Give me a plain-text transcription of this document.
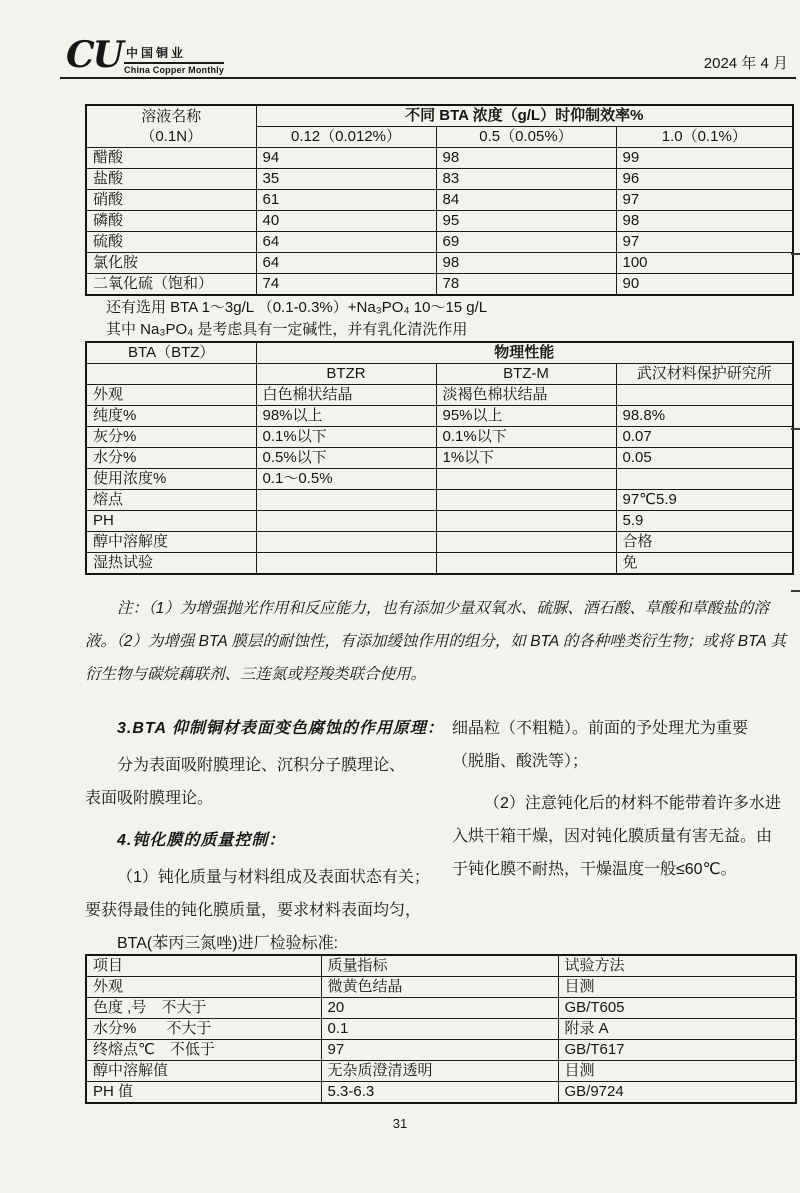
CU 中国铜业
China Copper Monthly	2024 年 4 月
溶液名称
（0.1N）	不同 BTA 浓度（g/L）时仰制效率%		
	0.12（0.012%）	0.5（0.05%）	1.0（0.1%）
醋酸	94	98	99
盐酸	35	83	96
硝酸	61	84	97
磷酸	40	95	98
硫酸	64	69	97
氯化胺	64	98	100
二氧化硫（饱和）	74	78	90
还有选用 BTA 1～3g/L （0.1-0.3%）+Na₃PO₄ 10～15 g/L
其中 Na₃PO₄ 是考虑具有一定碱性，并有乳化清洗作用
BTA（BTZ）	物理性能		
	BTZR	BTZ-M	武汉材料保护研究所
外观	白色棉状结晶	淡褐色棉状结晶	
纯度%	98%以上	95%以上	98.8%
灰分%	0.1%以下	0.1%以下	0.07
水分%	0.5%以下	1%以下	0.05
使用浓度%	0.1～0.5%		
熔点			97℃5.9
PH			5.9
醇中溶解度			合格
湿热试验			免
注：（1）为增强抛光作用和反应能力，也有添加少量双氧水、硫脲、酒石酸、草酸和草酸盐的溶
液。（2）为增强 BTA 膜层的耐蚀性，有添加缓蚀作用的组分，如 BTA 的各种唑类衍生物；或将 BTA 其
衍生物与碳烷藕联剂、三连氮或羟羧类联合使用。
3.BTA 仰制铜材表面变色腐蚀的作用原理：
分为表面吸附膜理论、沉积分子膜理论、
表面吸附膜理论。
4.钝化膜的质量控制：
（1）钝化质量与材料组成及表面状态有关；
要获得最佳的钝化膜质量，要求材料表面均匀，
BTA(苯丙三氮唑)进厂检验标准:
细晶粒（不粗糙）。前面的予处理尤为重要
（脱脂、酸洗等）；
（2）注意钝化后的材料不能带着许多水进
入烘干箱干燥，因对钝化膜质量有害无益。由
于钝化膜不耐热，干燥温度一般≤60℃。
项目	质量指标	试验方法
外观	微黄色结晶	目测
色度 ,号　不大于	20	GB/T605
水分%　　不大于	0.1	附录 A
终熔点℃　不低于	97	GB/T617
醇中溶解值	无杂质澄清透明	目测
PH 值	5.3-6.3	GB/9724
31
